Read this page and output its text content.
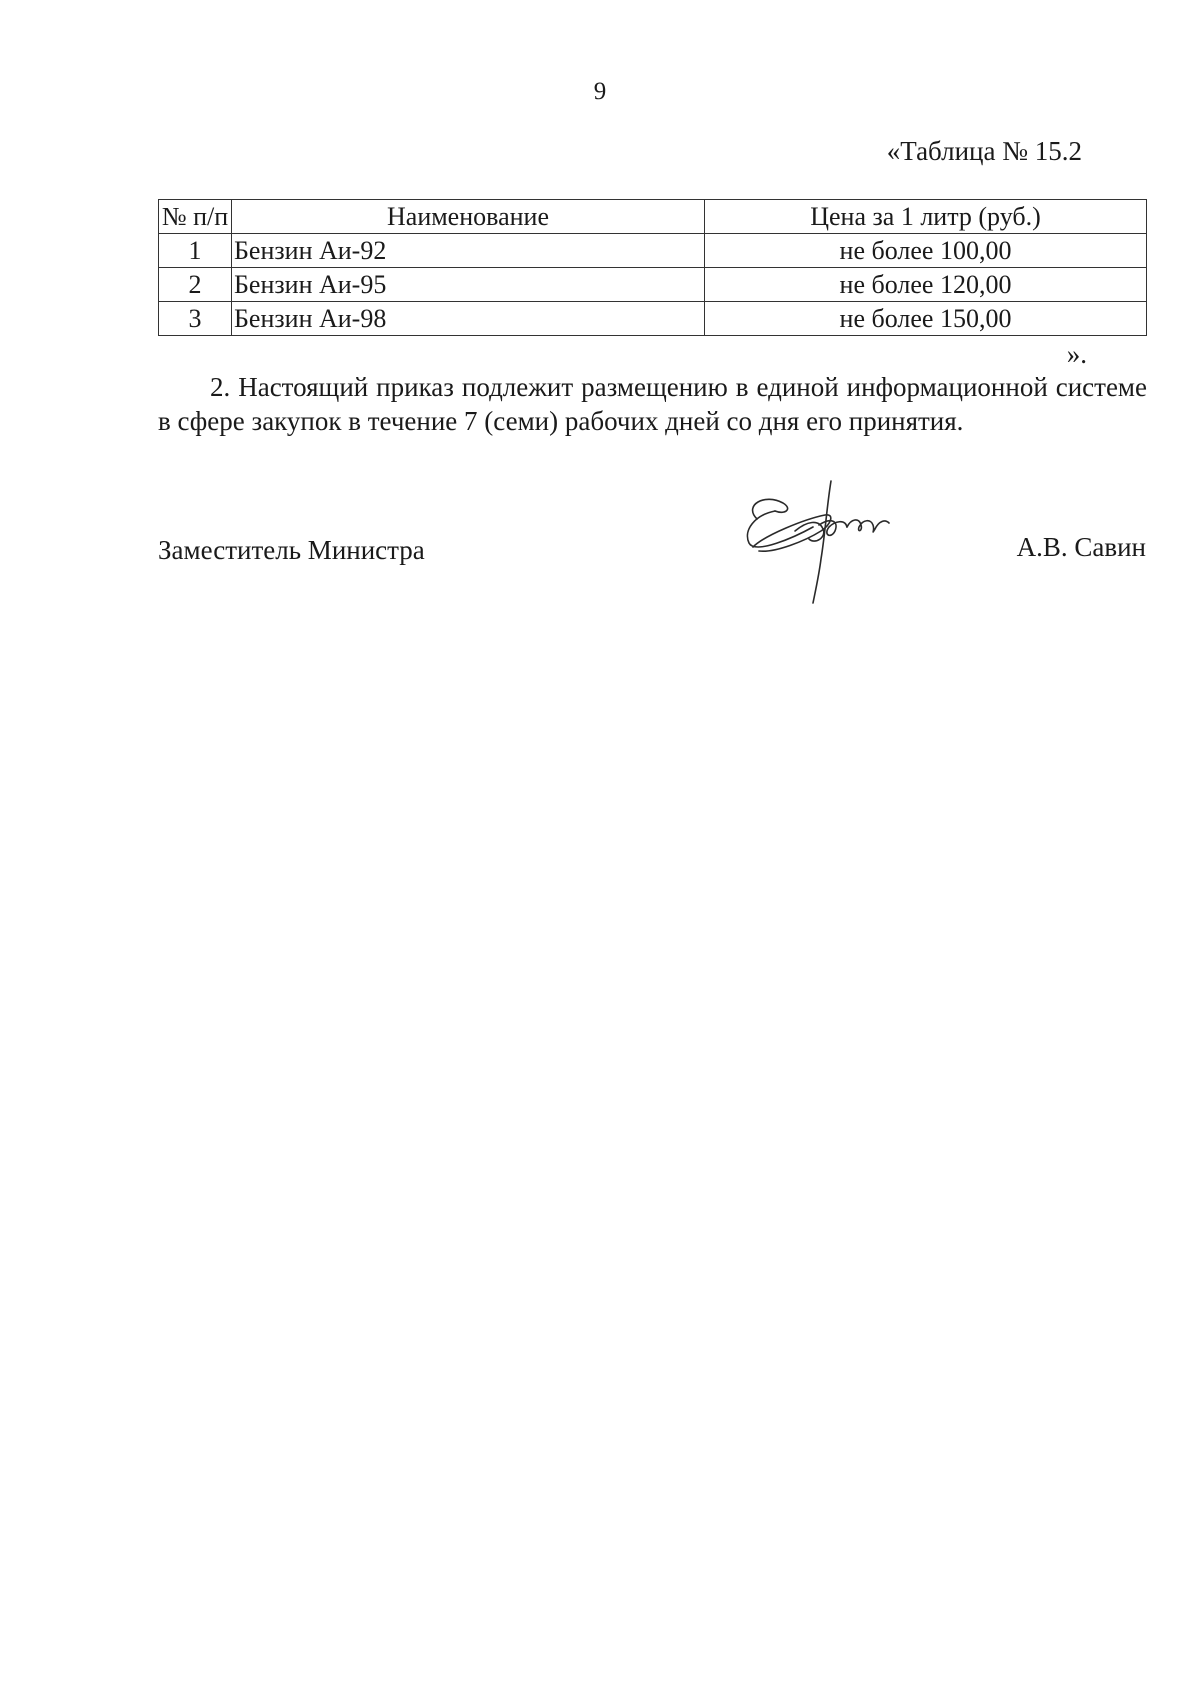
9
«Таблица № 15.2
№ п/п	Наименование	Цена за 1 литр (руб.)
1	Бензин Аи-92	не более 100,00
2	Бензин Аи-95	не более 120,00
3	Бензин Аи-98	не более 150,00
».

2. Настоящий приказ подлежит размещению в единой информационной системе в сфере закупок в течение 7 (семи) рабочих дней со дня его принятия.

Заместитель Министра	А.В. Савин
